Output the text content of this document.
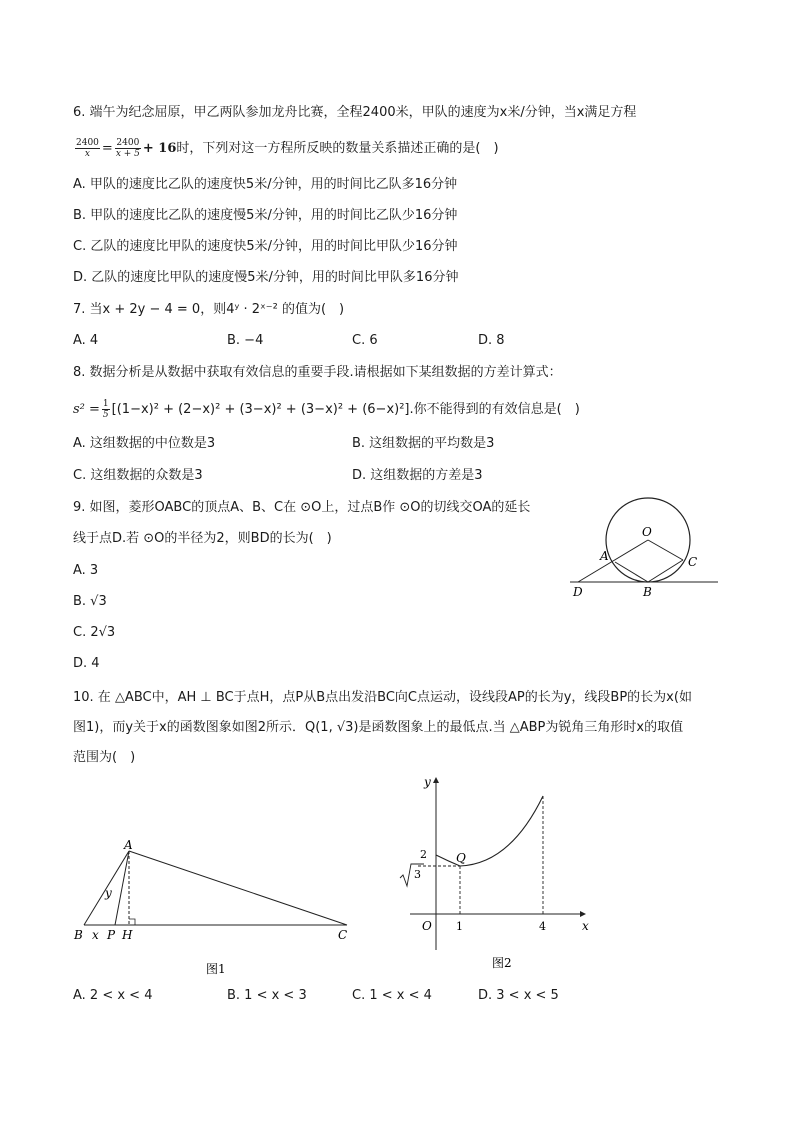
6. 端午为纪念屈原，甲乙两队参加龙舟比赛，全程2400米，甲队的速度为x米/分钟，当x满足方程
$\frac{2400}{x} = \frac{2400}{x + 5} + 16$时，下列对这一方程所反映的数量关系描述正确的是(　)
A. 甲队的速度比乙队的速度快5米/分钟，用的时间比乙队多16分钟
B. 甲队的速度比乙队的速度慢5米/分钟，用的时间比乙队少16分钟
C. 乙队的速度比甲队的速度快5米/分钟，用的时间比甲队少16分钟
D. 乙队的速度比甲队的速度慢5米/分钟，用的时间比甲队多16分钟
7. 当x + 2y − 4 = 0，则4ʸ · 2ˣ⁻² 的值为(　)
A. 4	B. −4	C. 6	D. 8
8. 数据分析是从数据中获取有效信息的重要手段.请根据如下某组数据的方差计算式：
$s^2 = \frac{1}{5} [(1-x)^2 + (2-x)^2 + (3-x)^2 + (3-x)^2 + (6-x)^2]$.你不能得到的有效信息是(　)
A. 这组数据的中位数是3	B. 这组数据的平均数是3
C. 这组数据的众数是3	D. 这组数据的方差是3
9. 如图，菱形OABC的顶点A、B、C在 ⊙O上，过点B作 ⊙O的切线交OA的延长
线于点D.若 ⊙O的半径为2，则BD的长为(　)
A. 3
B. √3
C. 2√3
D. 4
O
A	C
D	B
10. 在 △ABC中，AH ⊥ BC于点H，点P从B点出发沿BC向C点运动，设线段AP的长为y，线段BP的长为x(如
图1)，而y关于x的函数图象如图2所示．Q(1, √3)是函数图象上的最低点.当 △ABP为锐角三角形时x的取值
范围为(　)
A
y
B x P H	C
图1
y
x
O
Q
2
3
1	4
图2
A. 2 < x < 4	B. 1 < x < 3	C. 1 < x < 4	D. 3 < x < 5
